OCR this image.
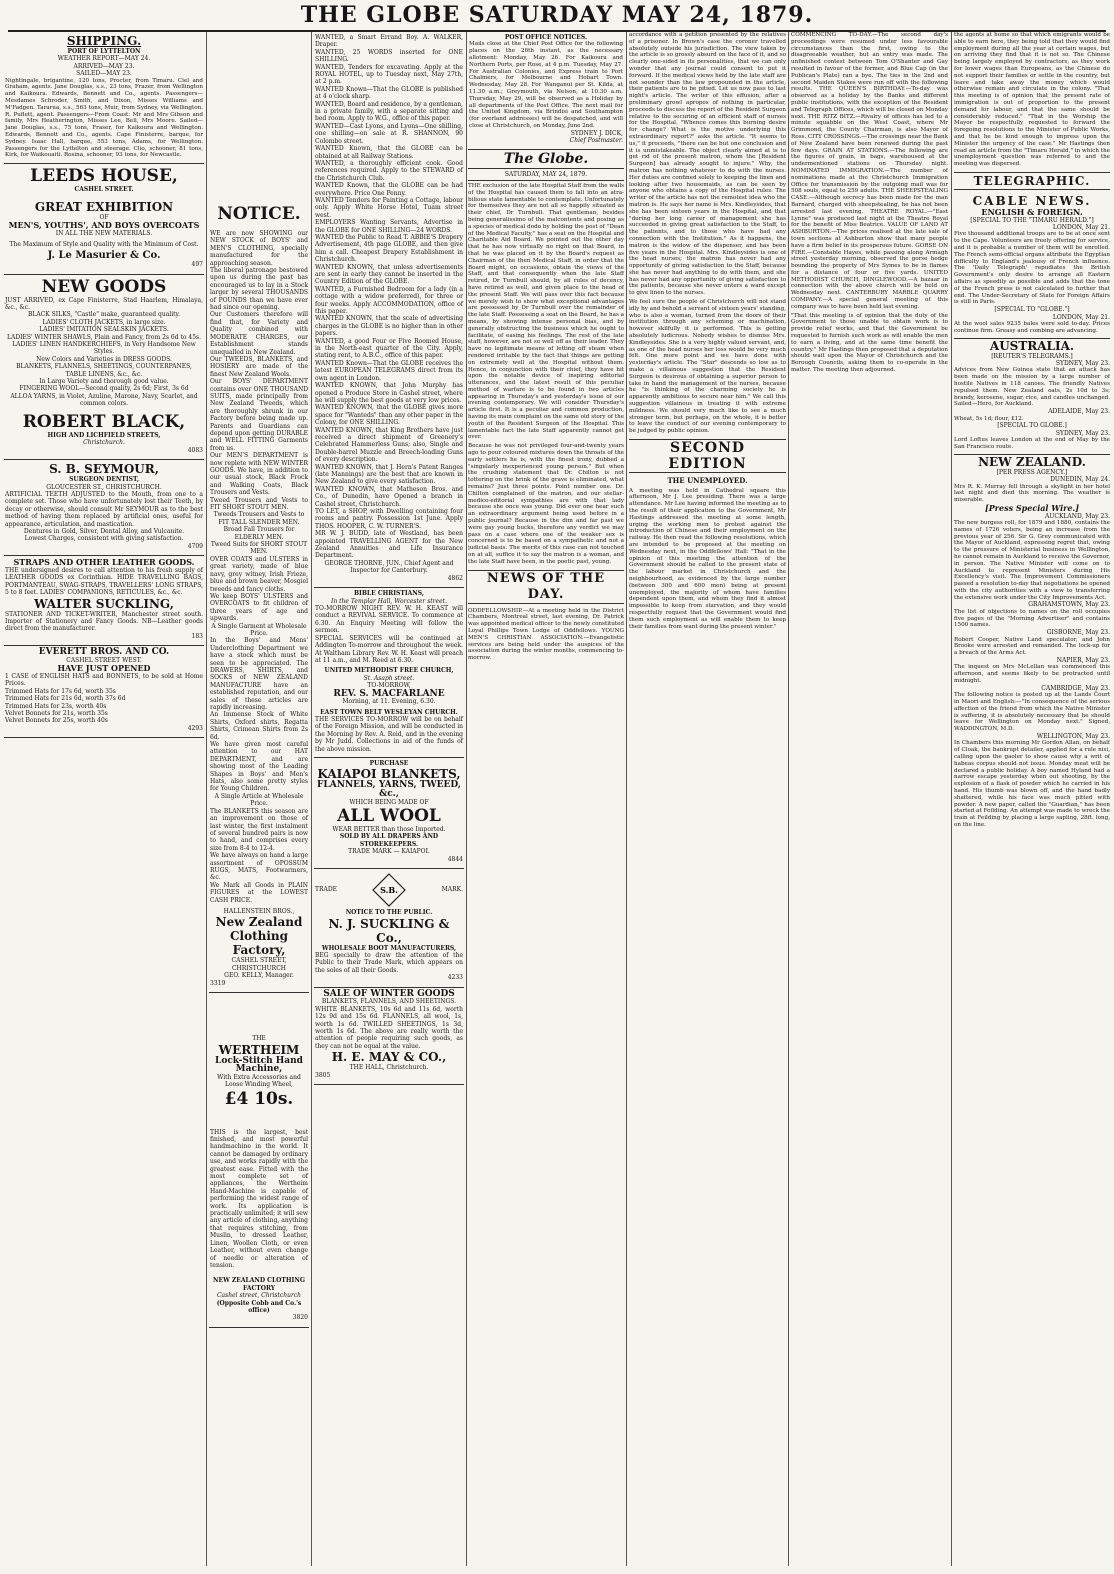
THE GLOBE SATURDAY MAY 24, 1879.
SHIPPING.
PORT OF LYTTELTON
WEATHER REPORT—MAY 24.
ARRIVED—MAY 23.
SAILED—MAY 23.
Nightingale, brigantine, 120 tons, Procter, from Timaru. Ciel and Graham, agents. Jane Douglas, s.s., 23 tons, Frazer, from Wellington and Kaikoura. Edwards, Bennett and Co., agents. Passengers—Mesdames Schroder, Smith, and Dixon, Misses Williams and M'Fadgen. Tararua, s.s., 563 tons, Muir, from Sydney, via Wellington. R. Puflett, agent. Passengers—From Coast: Mr and Mrs Gibson and family, Mrs Heatherington, Misses Lee, Bell, Mrs Moore. Sailed—Jane Douglas, s.s., 75 tons, Fraser, for Kaikoura and Wellington. Edwards, Bennett and Co., agents. Cape Finisterre, barque, for Sydney. Isaac Hall, barque, 553 tons, Adams, for Wellington. Passengers for the Lyttelton and steerage. Clio, schooner, 81 tons, Kirk, for Waikouaiti. Rosina, schooner, 93 tons, for Newcastle.
LEEDS HOUSE,
CASHEL STREET.
GREAT EXHIBITION
OF
MEN'S, YOUTHS', AND BOYS OVERCOATS
IN ALL THE NEW MATERIALS.
The Maximum of Style and Quality with the Minimum of Cost.
J. Le Masurier & Co.
497
NEW GOODS
JUST ARRIVED, ex Cape Finisterre, Stad Haarlem, Himalaya, &c., &c.
BLACK SILKS, "Castle" make, guaranteed quality.
LADIES' CLOTH JACKETS, in large size.
LADIES' IMITATION SEALSKIN JACKETS.
LADIES' WINTER SHAWLS, Plain and Fancy, from 2s 6d to 45s.
LADIES' LINEN HANDKERCHIEFS, in Very Handsome New Styles.
New Colors and Varieties in DRESS GOODS.
BLANKETS, FLANNELS, SHEETINGS, COUNTERPANES, TABLE LINENS, &c., &c.
In Large Variety and thorough good value.
FINGERING WOOL—Second quality, 2s 6d; First, 3s 6d
ALLOA YARNS, in Violet, Azuline, Marone, Navy, Scarlet, and common colors.
ROBERT BLACK,
HIGH AND LICHFIELD STREETS,
Christchurch.
4083
S. B. SEYMOUR,
SURGEON DENTIST,
GLOUCESTER ST., CHRISTCHURCH.
ARTIFICIAL TEETH ADJUSTED to the Mouth, from one to a complete set. Those who have unfortunately lost their Teeth, by decay or otherwise, should consult Mr SEYMOUR as to the best method of having them replaced by artificial ones, useful for appearance, articulation, and mastication.
Dentures in Gold, Silver, Dental Alloy, and Vulcanite.
Lowest Charges, consistent with giving satisfaction.
4709
STRAPS AND OTHER LEATHER GOODS.
THE undersigned desires to call attention to his fresh supply of LEATHER GOODS ex Corinthian. HIDE TRAVELLING BAGS, PORTMANTEAU, SWAG-STRAPS, TRAVELLERS' LONG STRAPS, 5 to 8 feet. LADIES' COMPANIONS, RETICULES, &c., &c.
WALTER SUCKLING,
STATIONER AND TICKET-WRITER, Manchester street south. Importer of Stationery and Fancy Goods. NB—Leather goods direct from the manufacturer.
183
EVERETT BROS. AND CO.
CASHEL STREET WEST.
HAVE JUST OPENED
1 CASE of ENGLISH HATS and BONNETS, to be sold at Home Prices.
Trimmed Hats for 17s 6d, worth 35s
Trimmed Hats for 21s 6d, worth 37s 6d
Trimmed Hats for 23s, worth 40s
Velvet Bonnets for 21s, worth 35s
Velvet Bonnets for 25s, worth 40s
4293
NOTICE.
WE are now SHOWING our NEW STOCK of BOYS' and MEN'S CLOTHING, specially manufactured for the approaching season.
The liberal patronage bestowed upon us during the past has encouraged us to lay in a Stock larger by several THOUSANDS of POUNDS than we have ever had since our opening.
Our Customers therefore will find that, for Variety and Quality combined with MODERATE CHARGES, our Establishment stands unequalled in New Zealand.
Our TWEEDS, BLANKETS, and HOSIERY are made of the finest New Zealand Wools.
Our BOYS' DEPARTMENT contains over ONE THOUSAND SUITS, made principally from New Zealand Tweeds, which are thoroughly shrunk in our Factory before being made up. Parents and Guardians can depend upon getting DURABLE and WELL FITTING Garments from us.
Our MEN'S DEPARTMENT is now replete with NEW WINTER GOODS. We have, in addition to our usual stock, Black Frock and Walking Coats, Black Trousers and Vests.
Tweed Trousers and Vests to FIT SHORT STOUT MEN.
Tweeds Trousers and Vests to FIT TALL SLENDER MEN.
Broad Fall Trousers for ELDERLY MEN.
Tweed Suits for SHORT STOUT MEN.
OVER COATS and ULSTERS in great variety, made of blue navy, grey witney, Irish Frieze, blue and brown beaver, Mosgiel tweeds and fancy cloths.
We keep BOYS' ULSTERS and OVERCOATS to fit children of three years of age and upwards.
A Single Garment at Wholesale Price.
In the Boys' and Mens' Underclothing Department we have a stock which must be seen to be appreciated. The DRAWERS, SHIRTS, and SOCKS of NEW ZEALAND MANUFACTURE have an established reputation, and our sales of these articles are rapidly increasing.
An Immense Stock of White Shirts, Oxford shirts, Regatta Shirts, Crimean Shirts from 2s 6d.
We have given most careful attention to our HAT DEPARTMENT, and are showing most of the Leading Shapes in Boys' and Men's Hats, also some pretty styles for Young Children.
A Single Article at Wholesale Price.
The BLANKETS this season are an improvement on those of last winter, the first instalment of several hundred pairs is now to hand, and comprises every size from 8-4 to 12-4.
We have always on hand a large assortment of OPOSSUM RUGS, MATS, Footwarmers, &c.
We Mark all Goods in PLAIN FIGURES at the LOWEST CASH PRICE.
HALLENSTEIN BROS.,
New Zealand Clothing Factory,
CASHEL STREET, CHRISTCHURCH
GEO. KELLY, Manager.
3319
THE
WERTHEIM
Lock-Stitch Hand Machine,
With Extra Accessories and Loose Winding Wheel,
£4 10s.
THIS is the largest, best finished, and most powerful handmachine in the world. It cannot be damaged by ordinary use, and works rapidly with the greatest ease. Fitted with the most complete set of appliances, the Wertheim Hand-Machine is capable of performing the widest range of work. Its application is practically unlimited; it will sew any article of clothing, anything that requires stitching, from Muslin, to dressed Leather, Linen, Woollen Cloth, or even Leather, without even change of needle or alteration of tension.
NEW ZEALAND CLOTHING FACTORY
Cashel street, Christchurch
(Opposite Cobb and Co.'s office)
3820
WANTED, a Smart Errand Boy. A. WALKER, Draper.
WANTED, 25 WORDS inserted for ONE SHILLING.
WANTED, Tenders for excavating. Apply at the ROYAL HOTEL, up to Tuesday next, May 27th, at 2 p.m.
WANTED Known—That the GLOBE is published at 4 o'clock sharp.
WANTED, Board and residence, by a gentleman, in a private family, with a separate sitting and bed room. Apply to W.G., office of this paper.
WANTED—Cast Lyons, and Lyons—One shilling, one shilling—on sale at R. SHANNON, 90 Colombo street.
WANTED Known, that the GLOBE can be obtained at all Railway Stations.
WANTED, a thoroughly efficient cook. Good references required. Apply to the STEWARD of the Christchurch Club.
WANTED Known, that the GLOBE can be had everywhere. Price One Penny.
WANTED Tenders for Painting a Cottage, labour only. Apply White Horse Hotel, Tuam street west.
EMPLOYERS Wanting Servants, Advertise in the GLOBE for ONE SHILLING—24 WORDS.
WANTED the Public to Read T. ABBIE'S Drapery Advertisement, 4th page GLOBE, and then give him a call. Cheapest Drapery Establishment in Christchurch.
WANTED KNOWN, that unless advertisements are sent in early they cannot be inserted in the Country Edition of the GLOBE.
WANTED, a Furnished Bedroom for a lady (in a cottage with a widow preferred), for three or four weeks. Apply ACCOMMODATION, office of this paper.
WANTED KNOWN, that the scale of advertising charges in the GLOBE is no higher than in other papers.
WANTED, a good Four or Five Roomed House, in the North-east quarter of the City. Apply, stating rent, to A.B.C., office of this paper.
WANTED Known—That the GLOBE receives the latest EUROPEAN TELEGRAMS direct from its own agent in London.
WANTED KNOWN, that John Murphy has opened a Produce Store in Cashel street, where he will supply the best goods at very low prices.
WANTED KNOWN, that the GLOBE gives more space for "Wanteds" than any other paper in the Colony, for ONE SHILLING.
WANTED KNOWN, that King Brothers have just received a direct shipment of Greenery's Celebrated Hammerless Guns; also, Single and Double-barrel Muzzle and Breech-loading Guns of every description.
WANTED KNOWN, that J. Hern's Patent Ranges (late Mannings) are the best that are known in New Zealand to give every satisfaction.
WANTED KNOWN, that Matheson Bros. and Co., of Dunedin, have Opened a branch in Cashel street, Christchurch.
TO LET, a SHOP, with Dwelling containing four rooms and pantry. Possession 1st June. Apply THOS. HOOPER, C. W. TURNER'S.
MR W. J. BUDD, late of Westland, has been appointed TRAVELLING AGENT for the New Zealand Annuities and Life Insurance Department.
GEORGE THORNE, JUN., Chief Agent and Inspector for Canterbury.
4862
BIBLE CHRISTIANS,
In the Templar Hall, Worcester street.
TO-MORROW NIGHT REV. W. H. KEAST will conduct a REVIVAL SERVICE. To commence at 6.30. An Enquiry Meeting will follow the sermon.
SPECIAL SERVICES will be continued at Addington To-morrow and throughout the week. At Waltham Library Rev. W. H. Keast will preach at 11 a.m., and M. Reed at 6.30.
UNITED METHODIST FREE CHURCH,
St. Asaph street.
TO-MORROW,
REV. S. MACFARLANE
Morning, at 11. Evening, 6.30.
EAST TOWN BELT WESLEYAN CHURCH.
THE SERVICES TO-MORROW will be on behalf of the Foreign Mission, and will be conducted in the Morning by Rev. A. Reid, and in the evening by Mr Judd. Collections in aid of the funds of the above mission.
PURCHASE
KAIAPOI BLANKETS,
FLANNELS, YARNS, TWEED, &c.,
WHICH BEING MADE OF
ALL WOOL
WEAR BETTER than those Imported.
SOLD BY ALL DRAPERS AND STOREKEEPERS.
TRADE MARK — KAIAPOI.
4844
TRADE	S.B.	MARK.
NOTICE TO THE PUBLIC.
N. J. SUCKLING & Co.,
WHOLESALE BOOT MANUFACTURERS,
BEG specially to draw the attention of the Public to their Trade Mark, which appears on the soles of all their Goods.
4233
SALE OF WINTER GOODS
BLANKETS, FLANNELS, AND SHEETINGS.
WHITE BLANKETS, 10s 6d and 11s 6d, worth 12s 9d and 15s 6d. FLANNELS, all wool, 1s, worth 1s 6d. TWILLED SHEETINGS, 1s 3d, worth 1s 6d. The above are really worth the attention of people requiring such goods, as they can not be equal at the value.
H. E. MAY & CO.,
THE HALL, Christchurch.
3805
POST OFFICE NOTICES.
Mails close at the Chief Post Office for the following places on the 26th instant, as the necessary allotment: Monday, May 26. For Kaikoura and Northern Ports, per Rose, at 4 p.m. Tuesday, May 27. For Australian Colonies, and Express train to Port Chalmers, for Melbourne and Hobart Town. Wednesday, May 28. For Wanganui per St. Kilda, at 11.30 a.m.; Greymouth, via Nelson, at 10.30 a.m. Thursday, May 29, will be observed as a Holiday by all departments of the Post Office. The next mail for the United Kingdom, via Brindisi and Southampton (for overland addresses) will be despatched, and will close at Christchurch, on Monday, June 2nd.
SYDNEY J. DICK,
Chief Postmaster.
The Globe.
SATURDAY, MAY 24, 1879.

THE exclusion of the late Hospital Staff from the walls of the Hospital has caused them to fall into an atra-bilious state lamentable to contemplate. Unfortunately for themselves they are not all so happily situated as their chief, Dr Turnbull. That gentleman, besides being generalissimo of the malcontents and posing as a species of medical dodo by holding the post of "Dean of the Medical Faculty," has a seat on the Hospital and Charitable Aid Board. We pointed out the other day that he has now virtually no right on that Board, in that he was placed on it by the Board's request as Chairman of the then Medical Staff, in order that the Board might, on occasions, obtain the views of the Staff, and that consequently when the late Staff retired, Dr Turnbull should, by all rules of decency, have retired as well, and given place to the head of the present Staff. We will pass over this fact because we merely wish to show what exceptional advantages are possessed by Dr Turnbull over the remainder of the late Staff. Possessing a seat on the Board, he has a means, by showing intense personal bias, and by generally obstructing the business which he ought to facilitate, of easing his feelings. The rest of the late staff, however, are not so well off as their leader. They have no legitimate means of letting off steam when rendered irritable by the fact that things are getting on extremely well at the Hospital without them. Hence, in conjunction with their chief, they have hit upon the notable device of inspiring editorial utterances, and the latest result of this peculiar method of warfare is to be found in two articles appearing in Thursday's and yesterday's issue of our evening contemporary. We will consider Thursday's article first. It is a peculiar and common production, having its main complaint on the same old story of the youth of the Resident Surgeon of the Hospital. This lamentable fact the late Staff apparently cannot get over.

Because he was not privileged four-and-twenty years ago to pour coloured mixtures down the throats of the early settlers he is, with the finest irony, dubbed a "singularly inexperienced young person." But when the crushing statement that Dr. Chilton is not tottering on the brink of the grave is eliminated, what remains? Just three points. Point number one. Dr. Chilton complained of the matron, and our stellar-medico-editorial sympathies are with that lady because she once was young. Did ever one hear such an extraordinary argument being used before in a public journal? Because in the dim and far past we were gay young bucks, therefore any verdict we may pass on a case where one of the weaker sex is concerned is to be based on a sympathetic and not a judicial basis. The merits of this case can not touched on at all, suffice it to say the matron is a woman, and the late Staff have been, in the poetic past, young.

NEWS OF THE DAY.
ODDFELLOWSHIP.—At a meeting held in the District Chambers, Montreal street, last evening, Dr. Patrick was appointed medical officer to the newly constituted Loyal Phillips Town Lodge of Oddfellows. YOUNG MEN'S CHRISTIAN ASSOCIATION.—Evangelistic services are being held under the auspices of the association during the winter months, commencing to-morrow.

accordance with a petition presented by the relatives of a prisoner. In Brown's case the coroner travelled absolutely outside his jurisdiction. The view taken by the article is so grossly absurd on the face of it, and so clearly one-sided in its personalities, that we can only wonder that any journal could consent to put it forward. If the medical views held by the late staff are not sounder than the law propounded in the article, their patients are to be pitied. Let us now pass to last night's article. The writer of this effusion, after a preliminary growl apropos of nothing in particular, proceeds to discuss the report of the Resident Surgeon relative to the securing of an efficient staff of nurses for the Hospital. "Whence comes this burning desire for change? What is the motive underlying this extraordinary report?" asks the article. "It seems to us," it proceeds, "there can be but one conclusion and it is unmistakeable. The object clearly aimed at is to get rid of the present matron, whom the [Resident Surgeon] has already sought to injure." Why, the matron has nothing whatever to do with the nurses. Her duties are confined solely to keeping the linen and looking after two housemaids, as can be seen by anyone who obtains a copy of the Hospital rules. The writer of the article has not the remotest idea who the matron is. He says her name is Mrs. Kindleysides, that she has been sixteen years in the Hospital, and that "during her long career of management she has succeeded in giving great satisfaction to the Staff, to the patients, and to those who have had any connection with the Institution." As it happens, the matron is the widow of the dispenser, and has been five years in the Hospital. Mrs. Kindleysides is one of the head nurses; the matron has never had any opportunity of giving satisfaction to the Staff, because she has never had anything to do with them, and she has never had any opportunity of giving satisfaction to the patients, because she never enters a ward except to give linen to the nurses.

We feel sure the people of Christchurch will not stand idly by and behold a servant of sixteen years' standing, who is also a woman, turned from the doors of their institution through any scheming or machination, however skilfully it is performed. This is getting absolutely ludicrous. Nobody wishes to dismiss Mrs. Kindleysides. She is a very highly valued servant, and, as one of the head nurses her loss would be very much felt. One more point and we have done with yesterday's article. The "Star" descends so low as to make a villainous suggestion that the Resident Surgeon is desirous of obtaining a superior person to take in hand the management of the nurses, because he "is thinking of the charming society he is apparently ambitious to secure near him." We call this suggestion villainous in treating it with extreme mildness. We should very much like to see a much stronger term, but perhaps, on the whole, it is better to leave the conduct of our evening contemporary to be judged by public opinion.

SECOND EDITION
THE UNEMPLOYED.
A meeting was held in Cathedral square this afternoon, Mr J. Lee presiding. There was a large attendance. Mr Lee having informed the meeting as to the result of their application to the Government, Mr Hastings addressed the meeting at some length, urging the working men to protest against the introduction of Chinese and their employment on the railway. He then read the following resolutions, which are intended to be proposed at the meeting on Wednesday next, in the Oddfellows' Hall: "That in the opinion of this meeting the attention of the Government should be called to the present state of the labour market in Christchurch and the neighbourhood, as evidenced by the large number (between 300 and 600 men) being at present unemployed, the majority of whom have families dependent upon them, and whom they find it almost impossible to keep from starvation, and they would respectfully request that the Government would find them such employment as will enable them to keep their families from want during the present winter."

COMMENCING TO-DAY.—The second day's proceedings were resumed under less favourable circumstances than the first, owing to the disagreeable weather, but an entry was made. The unfinished contest between Tom O'Shanter and Gay resulted in favour of the former, and Blue Cap (in the Publican's Plate) ran a bye. The ties in the 2nd and second Maiden Stakes were run off with the following results. THE QUEEN'S BIRTHDAY.—To-day was observed as a holiday by the Banks and different public institutions, with the exception of the Resident and Telegraph Offices, which will be closed on Monday next. THE RITZ BITZ.—Rivalry of offices has led to a minute squabble on the West Coast, where Mr Grimmond, the County Chairman, is also Mayor of Ross. CITY CROSSINGS.—The crossings near the Bank of New Zealand have been renewed during the past few days. GRAIN AT STATIONS.—The following are the figures of grain, in bags, warehoused at the undermentioned stations on Thursday night. NOMINATED IMMIGRATION.—The number of nominations made at the Christchurch Immigration Office for transmission by the outgoing mail was for 508 souls, equal to 259 adults. THE SHEEPSTEALING CASE.—Although secrecy has been made for the man Barnard, charged with sheepstealing, he has not been arrested last evening. THEATRE ROYAL.—"East Lynne" was produced last night at the Theatre Royal for the benefit of Miss Beatrice. VALUE OF LAND AT ASHBURTON.—The prices realised at the late sale of town sections at Ashburton show that many people have a firm belief in its prosperous future. GORSE ON FIRE.—Constable Hayes, while passing along Armagh street yesterday morning, observed the gorse hedge bounding the property of Mrs Symes to be in flames for a distance of four or five yards. UNITED METHODIST CHURCH, DINGLEWOOD.—A bazaar in connection with the above church will be held on Wednesday next. CANTERBURY MARBLE QUARRY COMPANY.—A special general meeting of this company was to have been held last evening.

"That this meeting is of opinion that the duty of the Government to those unable to obtain work is to provide relief works, and that the Government be requested to furnish such work as will enable the men to earn a living, and at the same time benefit the country." Mr Hastings then proposed that a deputation should wait upon the Mayor of Christchurch and the Borough Councils, asking them to co-operate in the matter. The meeting then adjourned.

the agents at home so that which emigrants would be able to earn here, they being told that they would find employment during all the year at certain wages, but on arriving they find that it is not so. The Chinese being largely employed by contractors, as they work for lower wages than Europeans, as the Chinese do not support their families or settle in the country, but leave and take away the money which would otherwise remain and circulate in the colony. "That this meeting is of opinion that the present rate of immigration is out of proportion to the present demand for labour, and that the same should be considerably reduced." "That in the Worship the Mayor be respectfully requested to forward the foregoing resolutions to the Minister of Public Works, and that he be kind enough to impress upon the Minister the urgency of the case." Mr Hastings then read an article from the "Timaru Herald," in which the unemployment question was referred to and the meeting was dispersed.
TELEGRAPHIC.
CABLE NEWS.
ENGLISH & FOREIGN.
[SPECIAL TO THE "TIMARU HERALD."]
LONDON, May 21.
Five thousand additional troops are to be at once sent to the Cape. Volunteers are freely offering for service, and it is probable a number of them will be enrolled. The French semi-official organs attribute the Egyptian difficulty to England's jealousy of French influence. The 'Daily Telegraph' repudiates the British Government's only desire to arrange all Eastern affairs as speedily as possible and adds that the tone of the French press is not calculated to further that end. The Under-Secretary of State for Foreign Affairs is still in Paris.
[SPECIAL TO "GLOBE."]
LONDON, May 21.
At the wool sales 9235 bales were sold to-day. Prices continue firm. Greasy and combing are advancing.
AUSTRALIA.
[REUTER'S TELEGRAMS.]
SYDNEY, May 23.
Advices from New Guinea state that an attack has been made on the mission by a large number of hostile Natives in 118 canoes. The friendly Natives repulsed them. New Zealand oats, 2s 10d to 3s; brandy, kerosene, sugar, rice, and candles unchanged. Sailed—Hero, for Auckland.
ADELAIDE, May 23.
Wheat, 5s 1d; flour, £12.
[SPECIAL TO GLOBE.]
SYDNEY, May 23.
Lord Loftus leaves London at the end of May by the San Francisco route.
NEW ZEALAND.
[PER PRESS AGENCY.]
DUNEDIN, May 24.
Mrs R. K. Murray fell through a skylight in her hotel last night and died this morning. The weather is miserable.
[Press Special Wire.]
AUCKLAND, May 23.
The new burgess roll, for 1879 and 1880, contains the names of 1726 voters, being an increase from the previous year of 256. Sir G. Grey communicated with the Mayor of Auckland, expressing regret that, owing to the pressure of Ministerial business in Wellington, he cannot remain in Auckland to receive the Governor, in person. The Native Minister will come on to Auckland to represent Ministers during His Excellency's visit. The Improvement Commissioners passed a resolution to-day that negotiations be opened with the city authorities with a view to transferring the extensive work under the City Improvements Act.
GRAHAMSTOWN, May 23.
The list of objections to names on the roll occupies five pages of the "Morning Advertiser" and contains 1500 names.
GISBORNE, May 23.
Robert Cooper, Native Land speculator, and John Brooke were arrested and remanded. The lock-up for a breach of the Arms Act.
NAPIER, May 23.
The inquest on Mrs McLellan was commenced this afternoon, and seems likely to be protracted until midnight.
CAMBRIDGE, May 23.
The following notice is posted up at the Lands Court in Maori and English:—"In consequence of the serious affection of the friend from which the Native Minister is suffering, it is absolutely necessary that he should leave for Wellington on Monday next." Signed, WADDINGTON, M.D.
WELLINGTON, May 23.
In Chambers this morning Mr Gordon Allan, on behalf of Cloak, the bankrupt detailer, applied for a rule nisi, calling upon the gaoler to show cause why a writ of habeas corpus should not issue. Monday meat will be declared a public holiday. A boy named Hyland had a narrow escape yesterday when out shooting, by the explosion of a flask of powder which he carried in his hand. His thumb was blown off, and the hand badly shattered, while his face was much pitted with powder. A new paper, called the "Guardian," has been started at Feilding. An attempt was made to wreck the train at Feilding by placing a large sapling, 28ft. long, on the line.
